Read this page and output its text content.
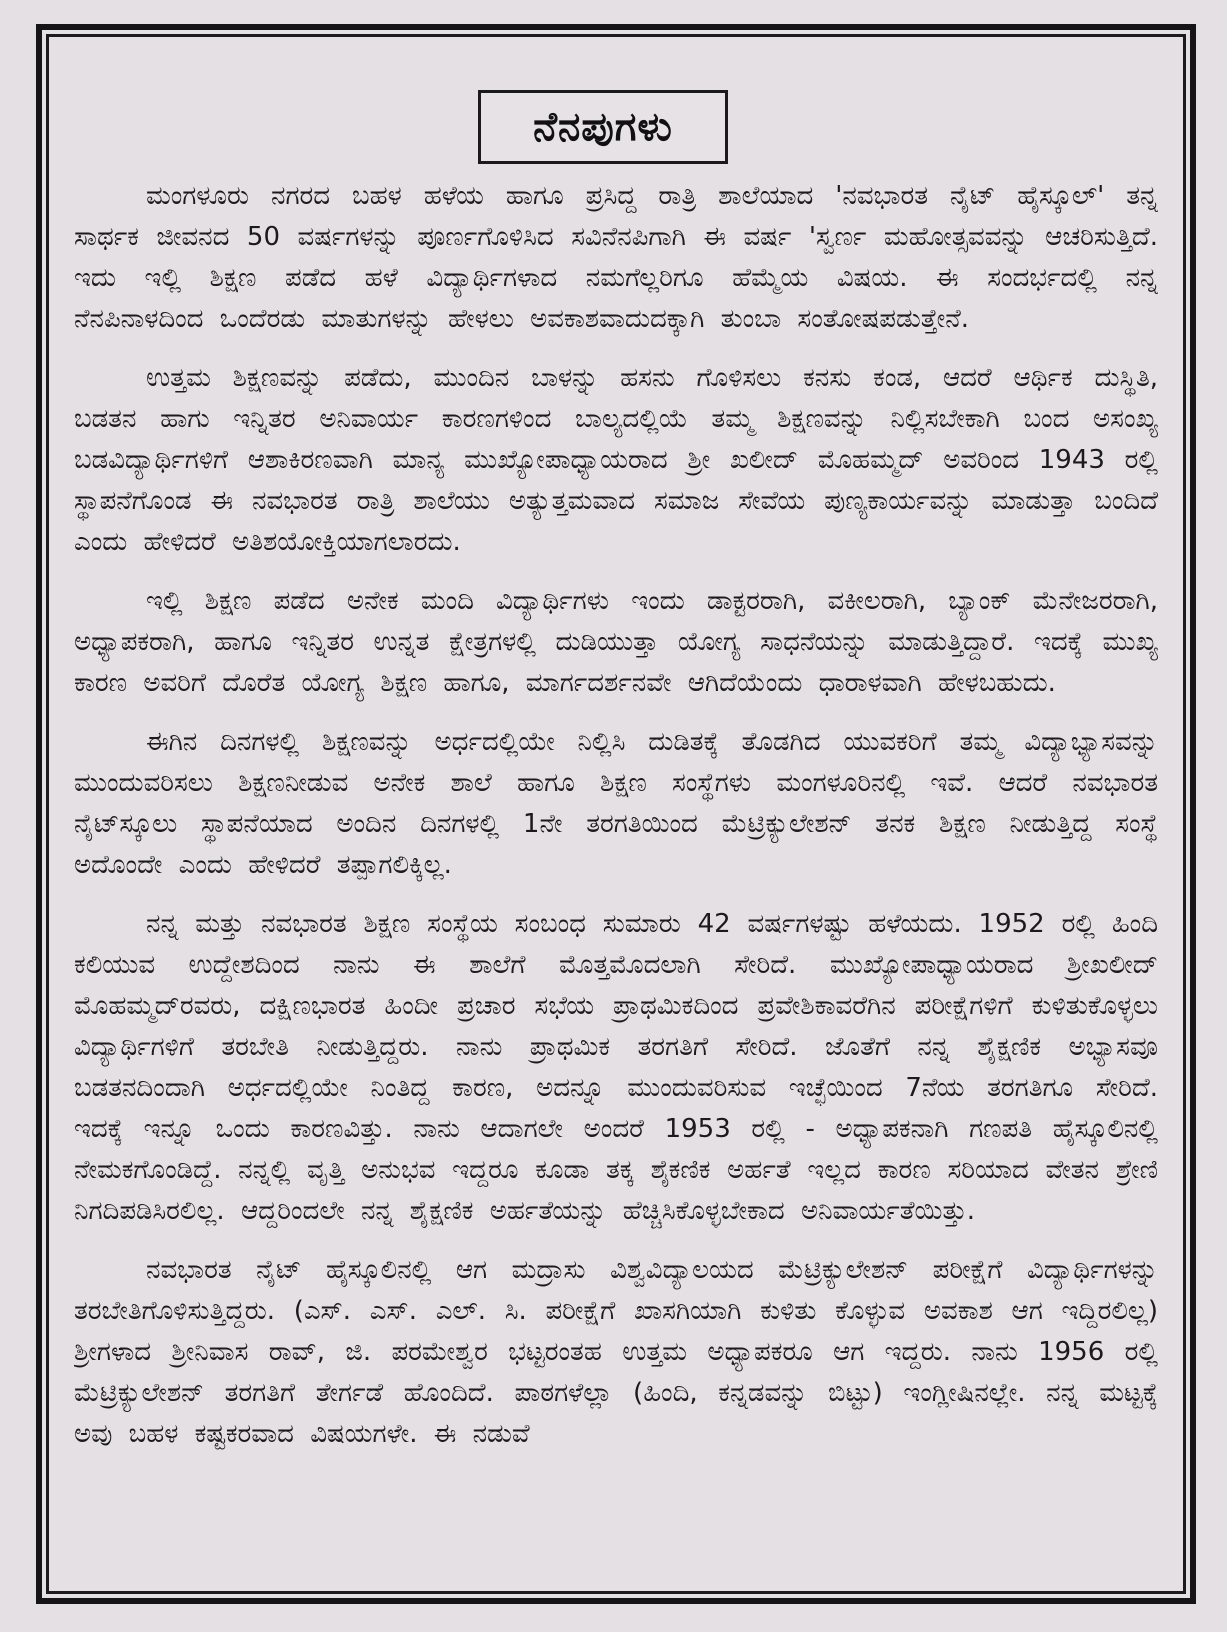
ನೆನಪುಗಳು

ಮಂಗಳೂರು ನಗರದ ಬಹಳ ಹಳೆಯ ಹಾಗೂ ಪ್ರಸಿದ್ದ ರಾತ್ರಿ ಶಾಲೆಯಾದ 'ನವಭಾರತ ನೈಟ್ ಹೈಸ್ಕೂಲ್' ತನ್ನ ಸಾರ್ಥಕ ಜೀವನದ 50 ವರ್ಷಗಳನ್ನು ಪೂರ್ಣಗೊಳಿಸಿದ ಸವಿನೆನಪಿಗಾಗಿ ಈ ವರ್ಷ 'ಸ್ವರ್ಣ ಮಹೋತ್ಸವವನ್ನು ಆಚರಿಸುತ್ತಿದೆ. ಇದು ಇಲ್ಲಿ ಶಿಕ್ಷಣ ಪಡೆದ ಹಳೆ ವಿದ್ಯಾರ್ಥಿಗಳಾದ ನಮಗೆಲ್ಲರಿಗೂ ಹೆಮ್ಮೆಯ ವಿಷಯ. ಈ ಸಂದರ್ಭದಲ್ಲಿ ನನ್ನ ನೆನಪಿನಾಳದಿಂದ ಒಂದೆರಡು ಮಾತುಗಳನ್ನು ಹೇಳಲು ಅವಕಾಶವಾದುದಕ್ಕಾಗಿ ತುಂಬಾ ಸಂತೋಷಪಡುತ್ತೇನೆ.

ಉತ್ತಮ ಶಿಕ್ಷಣವನ್ನು ಪಡೆದು, ಮುಂದಿನ ಬಾಳನ್ನು ಹಸನು ಗೊಳಿಸಲು ಕನಸು ಕಂಡ, ಆದರೆ ಆರ್ಥಿಕ ದುಸ್ಥಿತಿ, ಬಡತನ ಹಾಗು ಇನ್ನಿತರ ಅನಿವಾರ್ಯ ಕಾರಣಗಳಿಂದ ಬಾಲ್ಯದಲ್ಲಿಯೆ ತಮ್ಮ ಶಿಕ್ಷಣವನ್ನು ನಿಲ್ಲಿಸಬೇಕಾಗಿ ಬಂದ ಅಸಂಖ್ಯ ಬಡವಿದ್ಯಾರ್ಥಿಗಳಿಗೆ ಆಶಾಕಿರಣವಾಗಿ ಮಾನ್ಯ ಮುಖ್ಯೋಪಾಧ್ಯಾಯರಾದ ಶ್ರೀ ಖಲೀದ್ ಮೊಹಮ್ಮದ್ ಅವರಿಂದ 1943 ರಲ್ಲಿ ಸ್ಥಾಪನೆಗೊಂಡ ಈ ನವಭಾರತ ರಾತ್ರಿ ಶಾಲೆಯು ಅತ್ಯುತ್ತಮವಾದ ಸಮಾಜ ಸೇವೆಯ ಪುಣ್ಯಕಾರ್ಯವನ್ನು ಮಾಡುತ್ತಾ ಬಂದಿದೆ ಎಂದು ಹೇಳಿದರೆ ಅತಿಶಯೋಕ್ತಿಯಾಗಲಾರದು.

ಇಲ್ಲಿ ಶಿಕ್ಷಣ ಪಡೆದ ಅನೇಕ ಮಂದಿ ವಿದ್ಯಾರ್ಥಿಗಳು ಇಂದು ಡಾಕ್ಟರರಾಗಿ, ವಕೀಲರಾಗಿ, ಬ್ಯಾಂಕ್ ಮೆನೇಜರರಾಗಿ, ಅಧ್ಯಾಪಕರಾಗಿ, ಹಾಗೂ ಇನ್ನಿತರ ಉನ್ನತ ಕ್ಷೇತ್ರಗಳಲ್ಲಿ ದುಡಿಯುತ್ತಾ ಯೋಗ್ಯ ಸಾಧನೆಯನ್ನು ಮಾಡುತ್ತಿದ್ದಾರೆ. ಇದಕ್ಕೆ ಮುಖ್ಯ ಕಾರಣ ಅವರಿಗೆ ದೊರೆತ ಯೋಗ್ಯ ಶಿಕ್ಷಣ ಹಾಗೂ, ಮಾರ್ಗದರ್ಶನವೇ ಆಗಿದೆಯೆಂದು ಧಾರಾಳವಾಗಿ ಹೇಳಬಹುದು.

ಈಗಿನ ದಿನಗಳಲ್ಲಿ ಶಿಕ್ಷಣವನ್ನು ಅರ್ಧದಲ್ಲಿಯೇ ನಿಲ್ಲಿಸಿ ದುಡಿತಕ್ಕೆ ತೊಡಗಿದ ಯುವಕರಿಗೆ ತಮ್ಮ ವಿದ್ಯಾಭ್ಯಾಸವನ್ನು ಮುಂದುವರಿಸಲು ಶಿಕ್ಷಣನೀಡುವ ಅನೇಕ ಶಾಲೆ ಹಾಗೂ ಶಿಕ್ಷಣ ಸಂಸ್ಥೆಗಳು ಮಂಗಳೂರಿನಲ್ಲಿ ಇವೆ. ಆದರೆ ನವಭಾರತ ನೈಟ್‌ಸ್ಕೂಲು ಸ್ಥಾಪನೆಯಾದ ಅಂದಿನ ದಿನಗಳಲ್ಲಿ 1ನೇ ತರಗತಿಯಿಂದ ಮೆಟ್ರಿಕ್ಯುಲೇಶನ್ ತನಕ ಶಿಕ್ಷಣ ನೀಡುತ್ತಿದ್ದ ಸಂಸ್ಥೆ ಅದೊಂದೇ ಎಂದು ಹೇಳಿದರೆ ತಪ್ಪಾಗಲಿಕ್ಕಿಲ್ಲ.

ನನ್ನ ಮತ್ತು ನವಭಾರತ ಶಿಕ್ಷಣ ಸಂಸ್ಥೆಯ ಸಂಬಂಧ ಸುಮಾರು 42 ವರ್ಷಗಳಷ್ಟು ಹಳೆಯದು. 1952 ರಲ್ಲಿ ಹಿಂದಿ ಕಲಿಯುವ ಉದ್ದೇಶದಿಂದ ನಾನು ಈ ಶಾಲೆಗೆ ಮೊತ್ತಮೊದಲಾಗಿ ಸೇರಿದೆ. ಮುಖ್ಯೋಪಾಧ್ಯಾಯರಾದ ಶ್ರೀಖಲೀದ್ ಮೊಹಮ್ಮದ್‌ರವರು, ದಕ್ಷಿಣಭಾರತ ಹಿಂದೀ ಪ್ರಚಾರ ಸಭೆಯ ಪ್ರಾಥಮಿಕದಿಂದ ಪ್ರವೇಶಿಕಾವರೆಗಿನ ಪರೀಕ್ಷೆಗಳಿಗೆ ಕುಳಿತುಕೊಳ್ಳಲು ವಿದ್ಯಾರ್ಥಿಗಳಿಗೆ ತರಬೇತಿ ನೀಡುತ್ತಿದ್ದರು. ನಾನು ಪ್ರಾಥಮಿಕ ತರಗತಿಗೆ ಸೇರಿದೆ. ಜೊತೆಗೆ ನನ್ನ ಶೈಕ್ಷಣಿಕ ಅಭ್ಯಾಸವೂ ಬಡತನದಿಂದಾಗಿ ಅರ್ಧದಲ್ಲಿಯೇ ನಿಂತಿದ್ದ ಕಾರಣ, ಅದನ್ನೂ ಮುಂದುವರಿಸುವ ಇಚ್ಛೆಯಿಂದ 7ನೆಯ ತರಗತಿಗೂ ಸೇರಿದೆ. ಇದಕ್ಕೆ ಇನ್ನೂ ಒಂದು ಕಾರಣವಿತ್ತು. ನಾನು ಆದಾಗಲೇ ಅಂದರೆ 1953 ರಲ್ಲಿ - ಅಧ್ಯಾಪಕನಾಗಿ ಗಣಪತಿ ಹೈಸ್ಕೂಲಿನಲ್ಲಿ ನೇಮಕಗೊಂಡಿದ್ದೆ. ನನ್ನಲ್ಲಿ ವೃತ್ತಿ ಅನುಭವ ಇದ್ದರೂ ಕೂಡಾ ತಕ್ಕ ಶೈಕಣಿಕ ಅರ್ಹತೆ ಇಲ್ಲದ ಕಾರಣ ಸರಿಯಾದ ವೇತನ ಶ್ರೇಣಿ ನಿಗದಿಪಡಿಸಿರಲಿಲ್ಲ. ಆದ್ದರಿಂದಲೇ ನನ್ನ ಶೈಕ್ಷಣಿಕ ಅರ್ಹತೆಯನ್ನು ಹೆಚ್ಚಿಸಿಕೊಳ್ಳಬೇಕಾದ ಅನಿವಾರ್ಯತೆಯಿತ್ತು.

ನವಭಾರತ ನೈಟ್ ಹೈಸ್ಕೂಲಿನಲ್ಲಿ ಆಗ ಮದ್ರಾಸು ವಿಶ್ವವಿದ್ಯಾಲಯದ ಮೆಟ್ರಿಕ್ಯುಲೇಶನ್ ಪರೀಕ್ಷೆಗೆ ವಿದ್ಯಾರ್ಥಿಗಳನ್ನು ತರಬೇತಿಗೊಳಿಸುತ್ತಿದ್ದರು. (ಎಸ್. ಎಸ್. ಎಲ್. ಸಿ. ಪರೀಕ್ಷೆಗೆ ಖಾಸಗಿಯಾಗಿ ಕುಳಿತು ಕೊಳ್ಳುವ ಅವಕಾಶ ಆಗ ಇದ್ದಿರಲಿಲ್ಲ) ಶ್ರೀಗಳಾದ ಶ್ರೀನಿವಾಸ ರಾವ್, ಜಿ. ಪರಮೇಶ್ವರ ಭಟ್ಟರಂತಹ ಉತ್ತಮ ಅಧ್ಯಾಪಕರೂ ಆಗ ಇದ್ದರು. ನಾನು 1956 ರಲ್ಲಿ ಮೆಟ್ರಿಕ್ಯುಲೇಶನ್ ತರಗತಿಗೆ ತೇರ್ಗಡೆ ಹೊಂದಿದೆ. ಪಾಠಗಳೆಲ್ಲಾ (ಹಿಂದಿ, ಕನ್ನಡವನ್ನು ಬಿಟ್ಟು) ಇಂಗ್ಲೀಷಿನಲ್ಲೇ. ನನ್ನ ಮಟ್ಟಕ್ಕೆ ಅವು ಬಹಳ ಕಷ್ಟಕರವಾದ ವಿಷಯಗಳೇ. ಈ ನಡುವೆ
